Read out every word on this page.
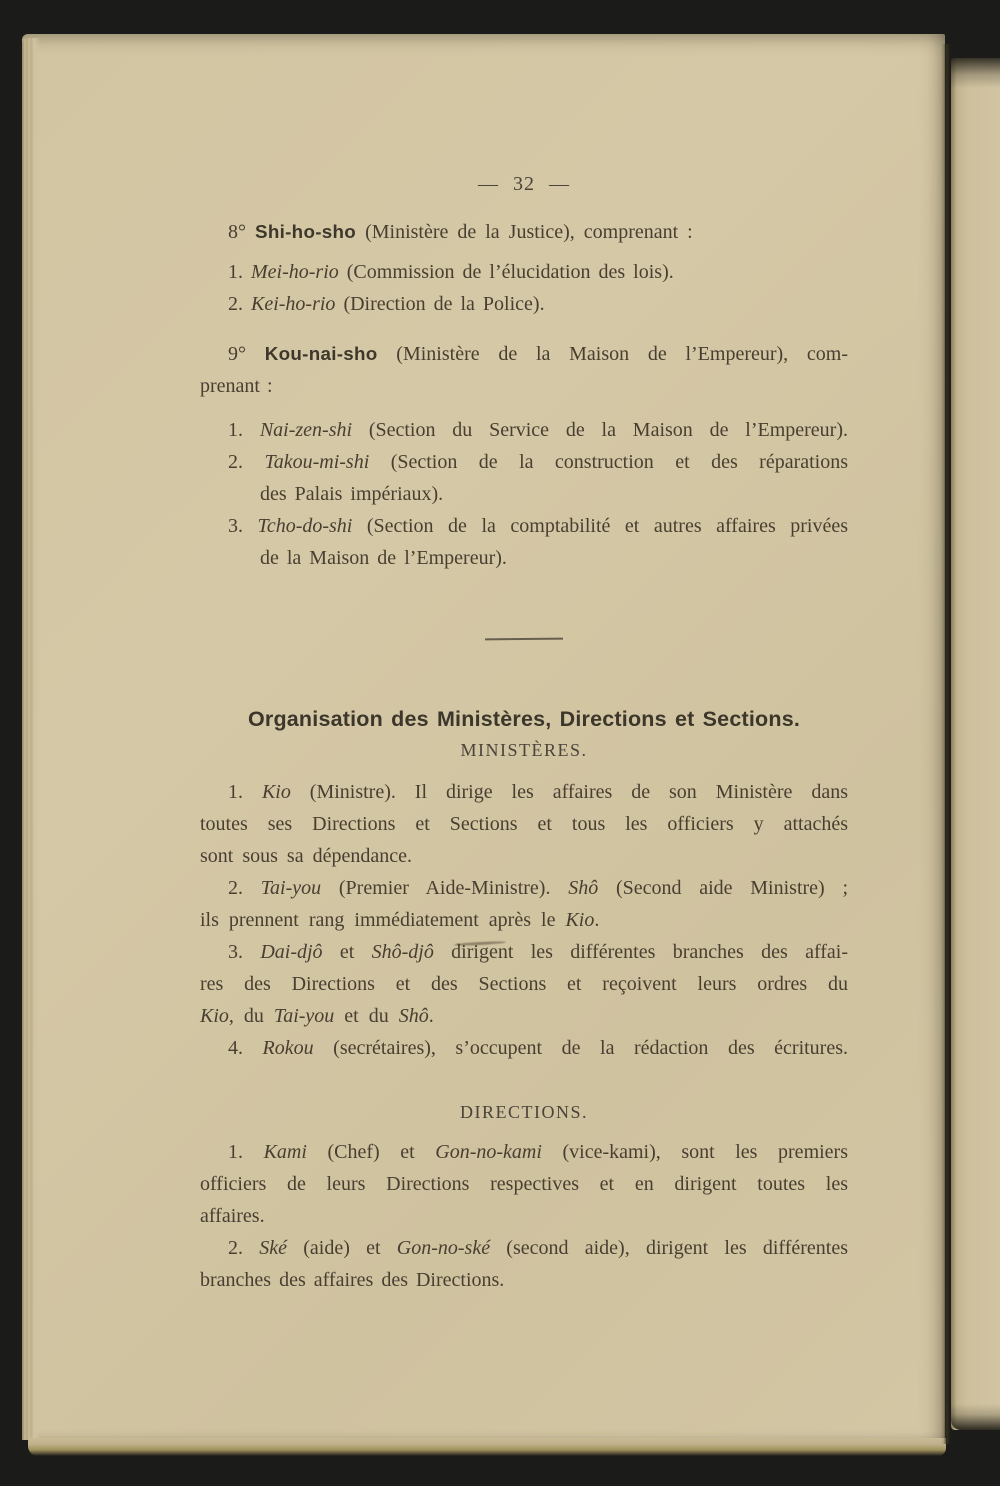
— 32 —
8° Shi-ho-sho (Ministère de la Justice), comprenant :
1. Mei-ho-rio (Commission de l’élucidation des lois).
2. Kei-ho-rio (Direction de la Police).
9° Kou-nai-sho (Ministère de la Maison de l’Empereur), com-
prenant :
1. Nai-zen-shi (Section du Service de la Maison de l’Empereur).
2. Takou-mi-shi (Section de la construction et des réparations
des Palais impériaux).
3. Tcho-do-shi (Section de la comptabilité et autres affaires privées
de la Maison de l’Empereur).
Organisation des Ministères, Directions et Sections.
MINISTÈRES.
1. Kio (Ministre). Il dirige les affaires de son Ministère dans
toutes ses Directions et Sections et tous les officiers y attachés
sont sous sa dépendance.
2. Tai-you (Premier Aide-Ministre). Shô (Second aide Ministre) ;
ils prennent rang immédiatement après le Kio.
3. Dai-djô et Shô-djô dirigent les différentes branches des affai-
res des Directions et des Sections et reçoivent leurs ordres du
Kio, du Tai-you et du Shô.
4. Rokou (secrétaires), s’occupent de la rédaction des écritures.
DIRECTIONS.
1. Kami (Chef) et Gon-no-kami (vice-kami), sont les premiers
officiers de leurs Directions respectives et en dirigent toutes les
affaires.
2. Ské (aide) et Gon-no-ské (second aide), dirigent les différentes
branches des affaires des Directions.
